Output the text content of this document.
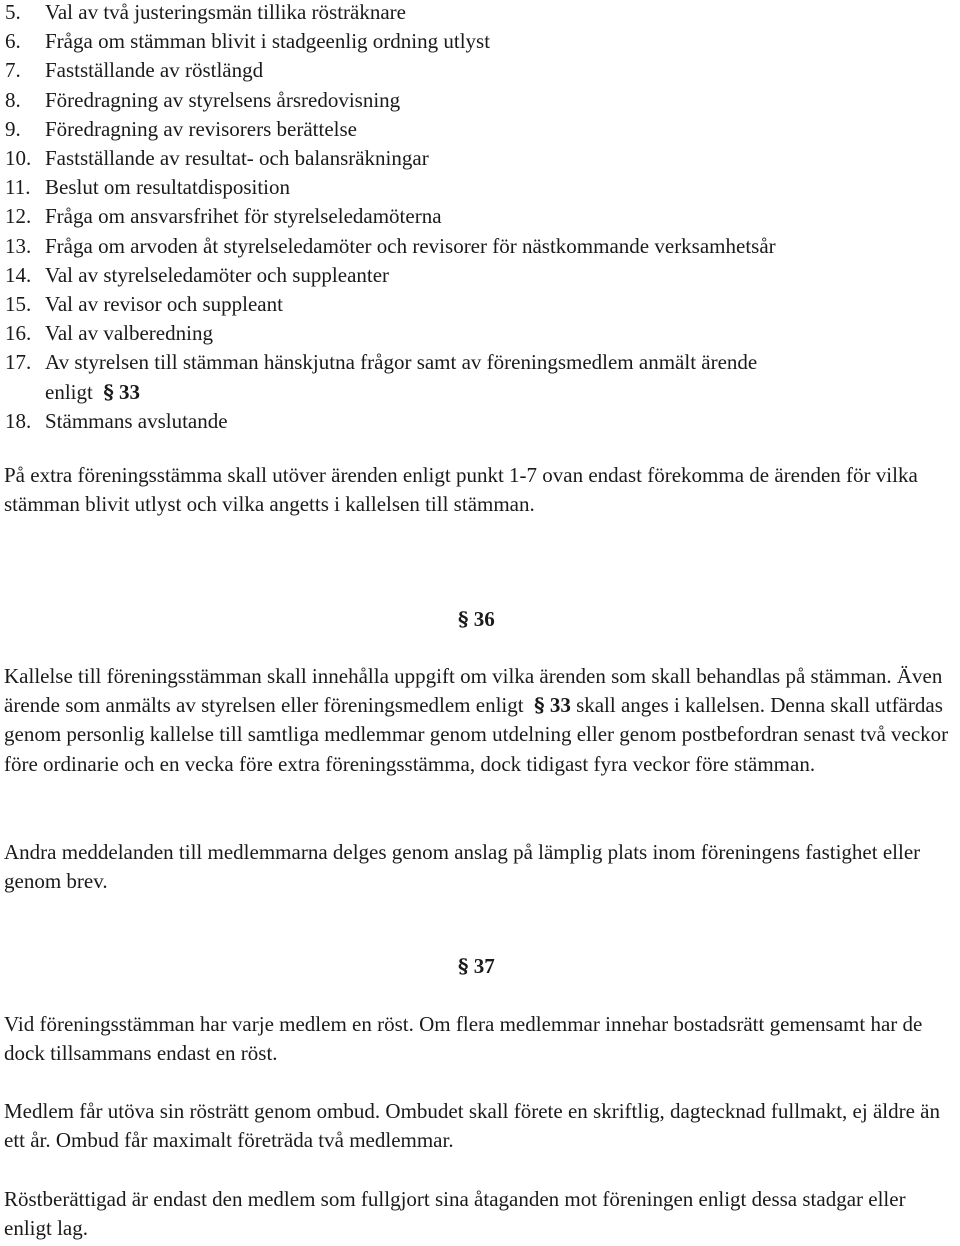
5. Val av två justeringsmän tillika rösträknare
6. Fråga om stämman blivit i stadgeenlig ordning utlyst
7. Fastställande av röstlängd
8. Föredragning av styrelsens årsredovisning
9. Föredragning av revisorers berättelse
10. Fastställande av resultat- och balansräkningar
11. Beslut om resultatdisposition
12. Fråga om ansvarsfrihet för styrelseledamöterna
13. Fråga om arvoden åt styrelseledamöter och revisorer för nästkommande verksamhetsår
14. Val av styrelseledamöter och suppleanter
15. Val av revisor och suppleant
16. Val av valberedning
17. Av styrelsen till stämman hänskjutna frågor samt av föreningsmedlem anmält ärende
enligt § 33
18. Stämmans avslutande
På extra föreningsstämma skall utöver ärenden enligt punkt 1-7 ovan endast förekomma de ärenden för vilka stämman blivit utlyst och vilka angetts i kallelsen till stämman.
§ 36
Kallelse till föreningsstämman skall innehålla uppgift om vilka ärenden som skall behandlas på stämman. Även ärende som anmälts av styrelsen eller föreningsmedlem enligt § 33 skall anges i kallelsen. Denna skall utfärdas genom personlig kallelse till samtliga medlemmar genom utdelning eller genom postbefordran senast två veckor före ordinarie och en vecka före extra föreningsstämma, dock tidigast fyra veckor före stämman.
Andra meddelanden till medlemmarna delges genom anslag på lämplig plats inom föreningens fastighet eller genom brev.
§ 37
Vid föreningsstämman har varje medlem en röst. Om flera medlemmar innehar bostadsrätt gemensamt har de dock tillsammans endast en röst.
Medlem får utöva sin rösträtt genom ombud. Ombudet skall förete en skriftlig, dagtecknad fullmakt, ej äldre än ett år. Ombud får maximalt företräda två medlemmar.
Röstberättigad är endast den medlem som fullgjort sina åtaganden mot föreningen enligt dessa stadgar eller enligt lag.
